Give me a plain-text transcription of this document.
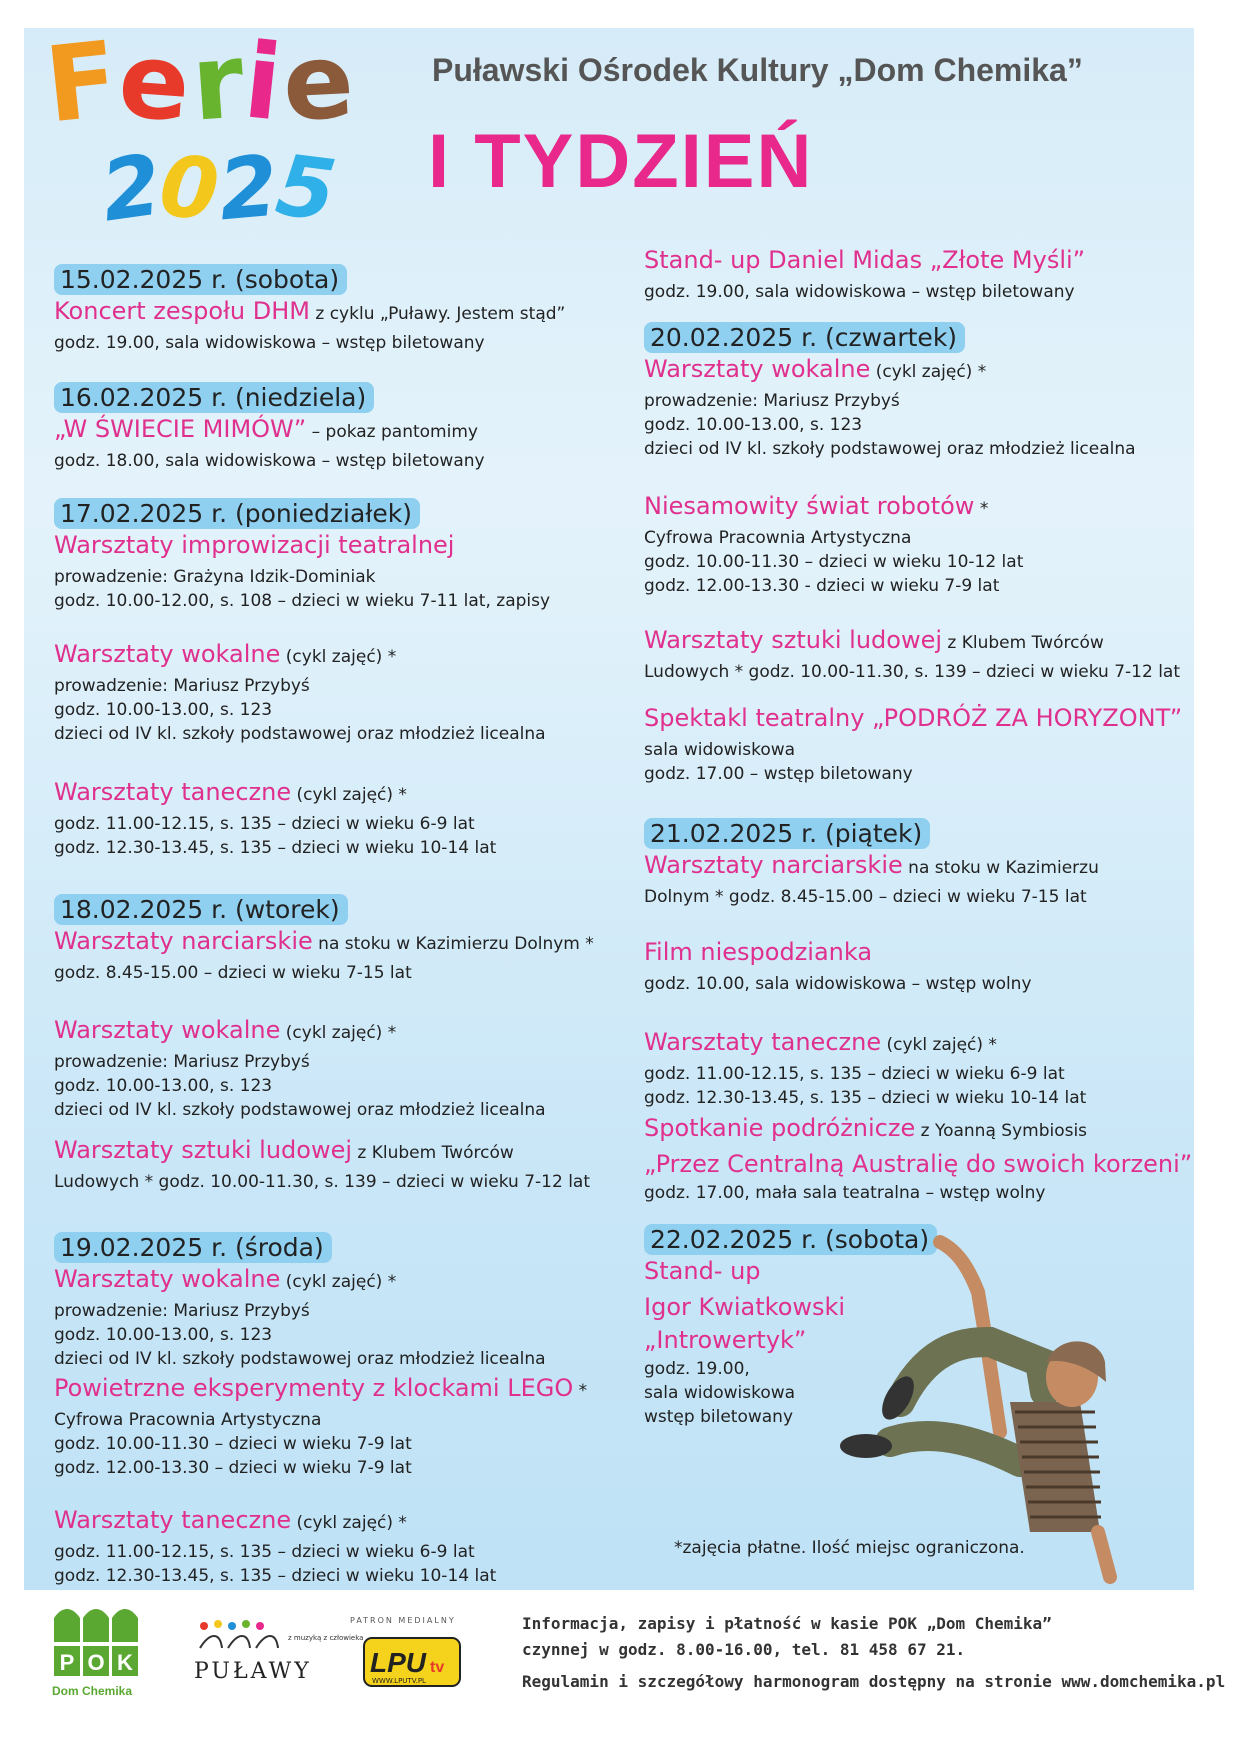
Ferie
2025
Puławski Ośrodek Kultury „Dom Chemika”
I TYDZIEŃ
15.02.2025 r. (sobota)
Koncert zespołu DHM z cyklu „Puławy. Jestem stąd”
godz. 19.00, sala widowiskowa – wstęp biletowany
16.02.2025 r. (niedziela)
„W ŚWIECIE MIMÓW” – pokaz pantomimy
godz. 18.00, sala widowiskowa – wstęp biletowany
17.02.2025 r. (poniedziałek)
Warsztaty improwizacji teatralnej
prowadzenie: Grażyna Idzik-Dominiak
godz. 10.00-12.00, s. 108 – dzieci w wieku 7-11 lat, zapisy
Warsztaty wokalne (cykl zajęć) *
prowadzenie: Mariusz Przybyś
godz. 10.00-13.00, s. 123
dzieci od IV kl. szkoły podstawowej oraz młodzież licealna
Warsztaty taneczne (cykl zajęć) *
godz. 11.00-12.15, s. 135 – dzieci w wieku 6-9 lat
godz. 12.30-13.45, s. 135 – dzieci w wieku 10-14 lat
18.02.2025 r. (wtorek)
Warsztaty narciarskie na stoku w Kazimierzu Dolnym *
godz. 8.45-15.00 – dzieci w wieku 7-15 lat
Warsztaty wokalne (cykl zajęć) *
prowadzenie: Mariusz Przybyś
godz. 10.00-13.00, s. 123
dzieci od IV kl. szkoły podstawowej oraz młodzież licealna
Warsztaty sztuki ludowej z Klubem Twórców
Ludowych * godz. 10.00-11.30, s. 139 – dzieci w wieku 7-12 lat
19.02.2025 r. (środa)
Warsztaty wokalne (cykl zajęć) *
prowadzenie: Mariusz Przybyś
godz. 10.00-13.00, s. 123
dzieci od IV kl. szkoły podstawowej oraz młodzież licealna
Powietrzne eksperymenty z klockami LEGO *
Cyfrowa Pracownia Artystyczna
godz. 10.00-11.30 – dzieci w wieku 7-9 lat
godz. 12.00-13.30 – dzieci w wieku 7-9 lat
Warsztaty taneczne (cykl zajęć) *
godz. 11.00-12.15, s. 135 – dzieci w wieku 6-9 lat
godz. 12.30-13.45, s. 135 – dzieci w wieku 10-14 lat
Stand- up Daniel Midas „Złote Myśli”
godz. 19.00, sala widowiskowa – wstęp biletowany
20.02.2025 r. (czwartek)
Warsztaty wokalne (cykl zajęć) *
prowadzenie: Mariusz Przybyś
godz. 10.00-13.00, s. 123
dzieci od IV kl. szkoły podstawowej oraz młodzież licealna
Niesamowity świat robotów *
Cyfrowa Pracownia Artystyczna
godz. 10.00-11.30 – dzieci w wieku 10-12 lat
godz. 12.00-13.30 - dzieci w wieku 7-9 lat
Warsztaty sztuki ludowej z Klubem Twórców
Ludowych * godz. 10.00-11.30, s. 139 – dzieci w wieku 7-12 lat
Spektakl teatralny „PODRÓŻ ZA HORYZONT”
sala widowiskowa
godz. 17.00 – wstęp biletowany
21.02.2025 r. (piątek)
Warsztaty narciarskie na stoku w Kazimierzu
Dolnym * godz. 8.45-15.00 – dzieci w wieku 7-15 lat
Film niespodzianka
godz. 10.00, sala widowiskowa – wstęp wolny
Warsztaty taneczne (cykl zajęć) *
godz. 11.00-12.15, s. 135 – dzieci w wieku 6-9 lat
godz. 12.30-13.45, s. 135 – dzieci w wieku 10-14 lat
Spotkanie podróżnicze z Yoanną Symbiosis
„Przez Centralną Australię do swoich korzeni”
godz. 17.00, mała sala teatralna – wstęp wolny
22.02.2025 r. (sobota)
Stand- up
Igor Kwiatkowski
„Introwertyk”
godz. 19.00,
sala widowiskowa
wstęp biletowany
*zajęcia płatne. Ilość miejsc ograniczona.
P O K
Dom Chemika
z muzyką z człowieka
PUŁAWY
PATRON MEDIALNY
LPU tv
WWW.LPUTV.PL
Informacja, zapisy i płatność w kasie POK „Dom Chemika”
czynnej w godz. 8.00-16.00, tel. 81 458 67 21.
Regulamin i szczegółowy harmonogram dostępny na stronie www.domchemika.pl
